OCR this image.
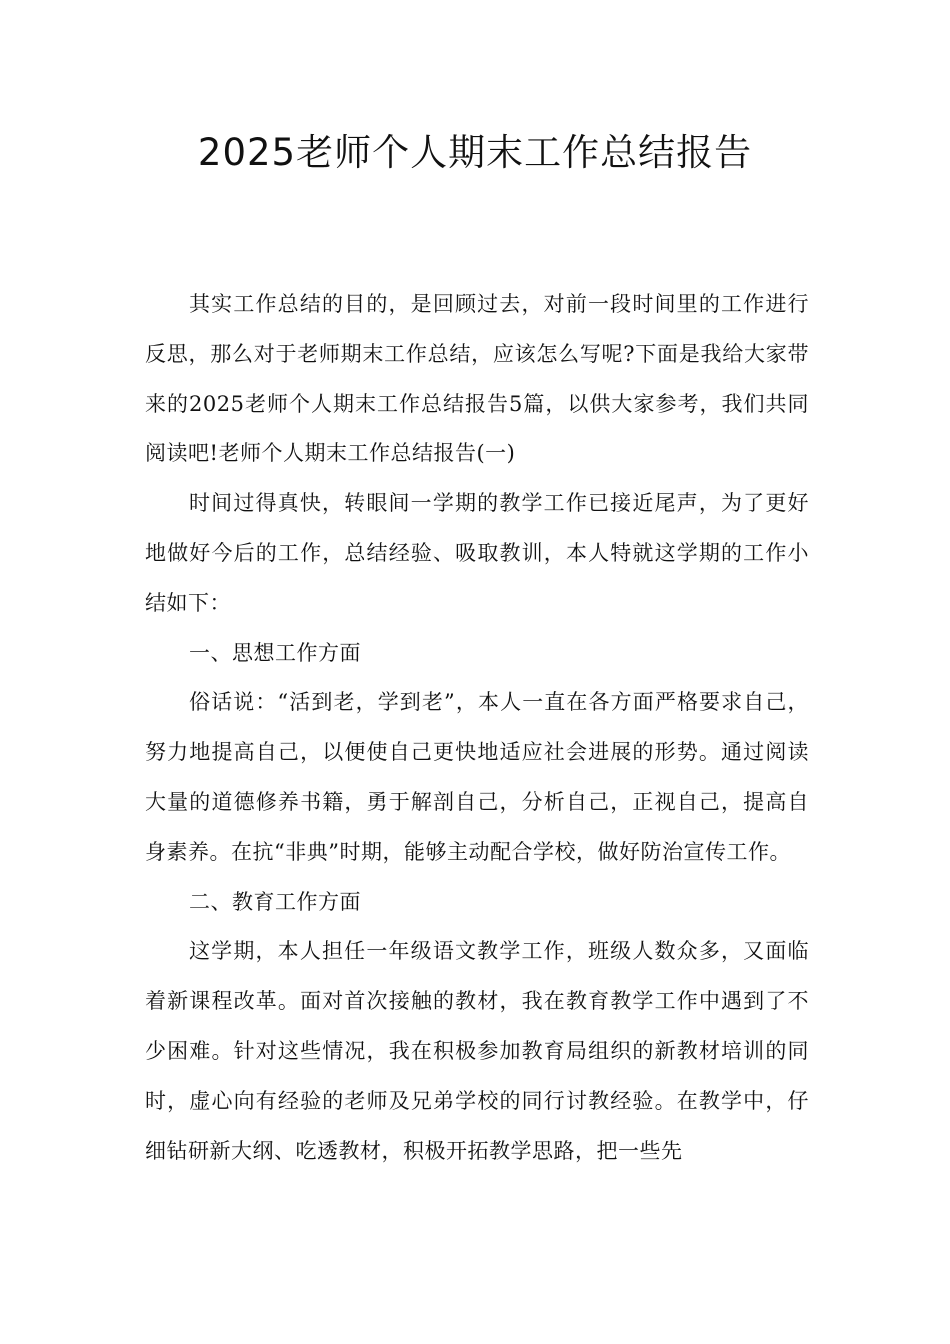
2025老师个人期末工作总结报告

其实工作总结的目的，是回顾过去，对前一段时间里的工作进行反思，那么对于老师期末工作总结，应该怎么写呢?下面是我给大家带来的2025老师个人期末工作总结报告5篇，以供大家参考，我们共同阅读吧!老师个人期末工作总结报告(一)

时间过得真快，转眼间一学期的教学工作已接近尾声，为了更好地做好今后的工作，总结经验、吸取教训，本人特就这学期的工作小结如下：

一、思想工作方面

俗话说：“活到老，学到老”，本人一直在各方面严格要求自己，努力地提高自己，以便使自己更快地适应社会进展的形势。通过阅读大量的道德修养书籍，勇于解剖自己，分析自己，正视自己，提高自身素养。在抗“非典”时期，能够主动配合学校，做好防治宣传工作。

二、教育工作方面

这学期，本人担任一年级语文教学工作，班级人数众多，又面临着新课程改革。面对首次接触的教材，我在教育教学工作中遇到了不少困难。针对这些情况，我在积极参加教育局组织的新教材培训的同时，虚心向有经验的老师及兄弟学校的同行讨教经验。在教学中，仔细钻研新大纲、吃透教材，积极开拓教学思路，把一些先
